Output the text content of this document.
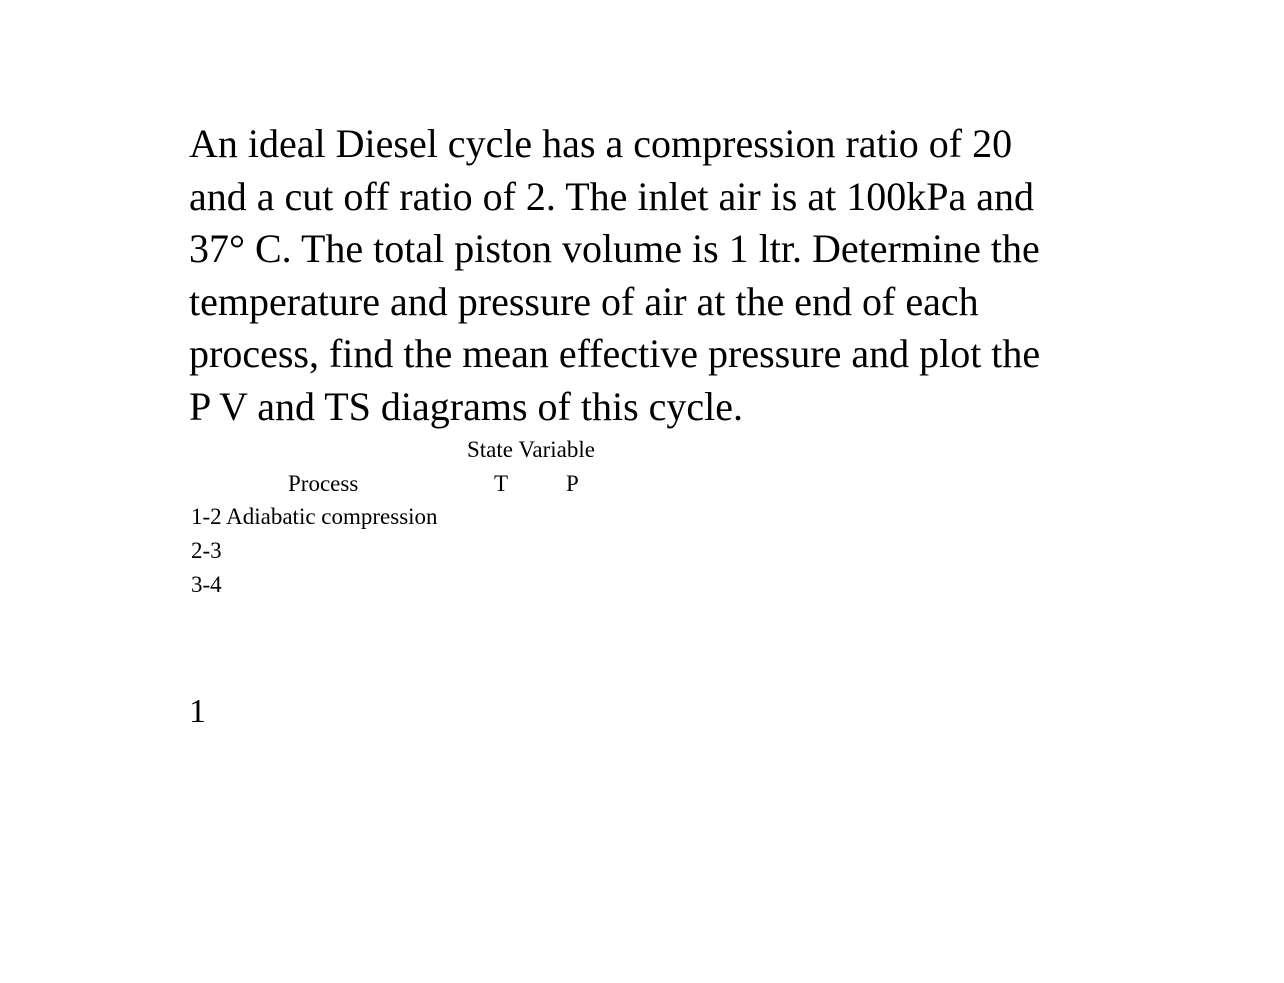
An ideal Diesel cycle has a compression ratio of 20
and a cut off ratio of 2. The inlet air is at 100kPa and
37° C. The total piston volume is 1 ltr. Determine the
temperature and pressure of air at the end of each
process, find the mean effective pressure and plot the
P V and TS diagrams of this cycle.
State Variable
Process	T	P
1-2 Adiabatic compression
2-3
3-4
1
